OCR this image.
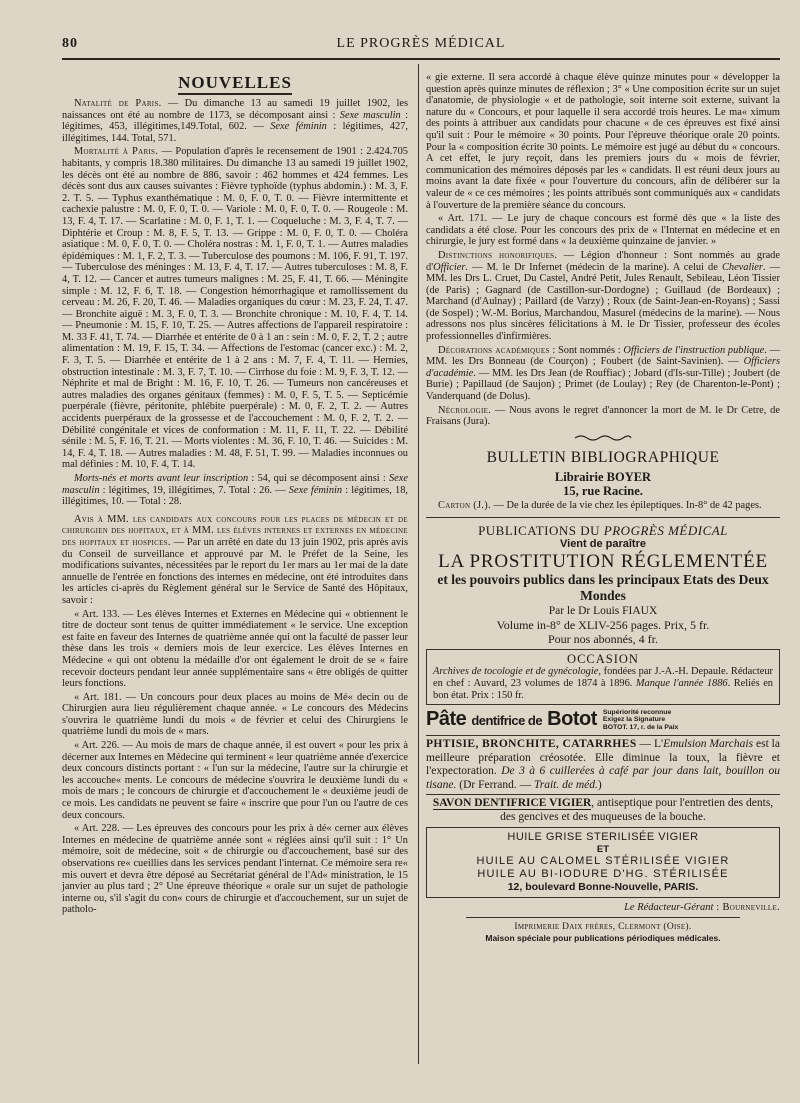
80	LE PROGRÈS MÉDICAL
NOUVELLES

Natalité de Paris. — Du dimanche 13 au samedi 19 juillet 1902, les naissances ont été au nombre de 1173, se décomposant ainsi : Sexe masculin : légitimes, 453, illégitimes,149.Total, 602. — Sexe féminin : légitimes, 427, illégitimes, 144. Total, 571.

Mortalité à Paris. — Population d'après le recensement de 1901 : 2.424.705 habitants, y compris 18.380 militaires. Du dimanche 13 au samedi 19 juillet 1902, les décès ont été au nombre de 886, savoir : 462 hommes et 424 femmes. Les décès sont dus aux causes suivantes : Fièvre typhoïde (typhus abdomin.) : M. 3, F. 2. T. 5. — Typhus exanthématique : M. 0, F. 0, T. 0. — Fièvre intermittente et cachexie palustre : M. 0, F. 0, T. 0. — Variole : M. 0, F. 0, T. 0. — Rougeole : M. 13, F. 4, T. 17. — Scarlatine : M. 0, F. 1, T. 1. — Coqueluche : M. 3, F. 4, T. 7. — Diphtérie et Croup : M. 8, F. 5, T. 13. — Grippe : M. 0, F. 0, T. 0. — Choléra asiatique : M. 0, F. 0, T. 0. — Choléra nostras : M. 1, F. 0, T. 1. — Autres maladies épidémiques : M. 1, F. 2, T. 3. — Tuberculose des poumons : M. 106, F. 91, T. 197. — Tuberculose des méninges : M. 13, F. 4, T. 17. — Autres tuberculoses : M. 8, F. 4, T. 12. — Cancer et autres tumeurs malignes : M. 25, F. 41, T. 66. — Méningite simple : M. 12, F. 6, T. 18. — Congestion hémorrhagique et ramollissement du cerveau : M. 26, F. 20, T. 46. — Maladies organiques du cœur : M. 23, F. 24, T. 47. — Bronchite aiguë : M. 3, F. 0, T. 3. — Bronchite chronique : M. 10, F. 4, T. 14. — Pneumonie : M. 15, F. 10, T. 25. — Autres affections de l'appareil respiratoire : M. 33 F. 41, T. 74. — Diarrhée et entérite de 0 à 1 an : sein : M. 0, F. 2, T. 2 ; autre alimentation : M. 19, F. 15, T. 34. — Affections de l'estomac (cancer exc.) : M. 2, F. 3, T. 5. — Diarrhée et entérite de 1 à 2 ans : M. 7, F. 4, T. 11. — Hernies, obstruction intestinale : M. 3, F. 7, T. 10. — Cirrhose du foie : M. 9, F. 3, T. 12. — Néphrite et mal de Bright : M. 16, F. 10, T. 26. — Tumeurs non cancéreuses et autres maladies des organes génitaux (femmes) : M. 0, F. 5, T. 5. — Septicémie puerpérale (fièvre, péritonite, phlébite puerpérale) : M. 0, F. 2, T. 2. — Autres accidents puerpéraux de la grossesse et de l'accouchement : M. 0, F. 2, T. 2. — Débilité congénitale et vices de conformation : M. 11, F. 11, T. 22. — Débilité sénile : M. 5, F. 16, T. 21. — Morts violentes : M. 36, F. 10, T. 46. — Suicides : M. 14, F. 4, T. 18. — Autres maladies : M. 48, F. 51, T. 99. — Maladies inconnues ou mal définies : M. 10, F. 4, T. 14.

Morts-nés et morts avant leur inscription : 54, qui se décomposent ainsi : Sexe masculin : légitimes, 19, illégitimes, 7. Total : 26. — Sexe féminin : légitimes, 18, illégitimes, 10. — Total : 28.

Avis à MM. les candidats aux concours pour les places de médecin et de chirurgien des hopitaux, et à MM. les élèves internes et externes en médecine des hopitaux et hospices. — Par un arrêté en date du 13 juin 1902, pris après avis du Conseil de surveillance et approuvé par M. le Préfet de la Seine, les modifications suivantes, nécessitées par le report du 1er mars au 1er mai de la date annuelle de l'entrée en fonctions des internes en médecine, ont été introduites dans les articles ci-après du Règlement général sur le Service de Santé des Hôpitaux, savoir :

« Art. 133. — Les élèves Internes et Externes en Médecine qui « obtiennent le titre de docteur sont tenus de quitter immédiatement « le service. Une exception est faite en faveur des Internes de quatrième année qui ont la faculté de passer leur thèse dans les trois « derniers mois de leur exercice. Les élèves Internes en Médecine « qui ont obtenu la médaille d'or ont également le droit de se « faire recevoir docteurs pendant leur année supplémentaire sans « être obligés de quitter leurs fonctions.

« Art. 181. — Un concours pour deux places au moins de Mé« decin ou de Chirurgien aura lieu régulièrement chaque année. « Le concours des Médecins s'ouvrira le quatrième lundi du mois « de février et celui des Chirurgiens le quatrième lundi du mois de « mars.

« Art. 226. — Au mois de mars de chaque année, il est ouvert « pour les prix à décerner aux Internes en Médecine qui terminent « leur quatrième année d'exercice deux concours distincts portant : « l'un sur la médecine, l'autre sur la chirurgie et les accouche« ments. Le concours de médecine s'ouvrira le deuxième lundi du « mois de mars ; le concours de chirurgie et d'accouchement le « deuxième jeudi de ce mois. Les candidats ne peuvent se faire « inscrire que pour l'un ou l'autre de ces deux concours.

« Art. 228. — Les épreuves des concours pour les prix à dé« cerner aux élèves Internes en médecine de quatrième année sont « réglées ainsi qu'il suit : 1° Un mémoire, soit de médecine, soit « de chirurgie ou d'accouchement, basé sur des observations re« cueillies dans les services pendant l'internat. Ce mémoire sera re« mis ouvert et devra être déposé au Secrétariat général de l'Ad« ministration, le 15 janvier au plus tard ; 2° Une épreuve théorique « orale sur un sujet de pathologie interne ou, s'il s'agit du con« cours de chirurgie et d'accouchement, sur un sujet de patholo-

« gie externe. Il sera accordé à chaque élève quinze minutes pour « développer la question après quinze minutes de réflexion ; 3° « Une composition écrite sur un sujet d'anatomie, de physiologie « et de pathologie, soit interne soit externe, suivant la nature du « Concours, et pour laquelle il sera accordé trois heures. Le ma« ximum des points à attribuer aux candidats pour chacune « de ces épreuves est fixé ainsi qu'il suit : Pour le mémoire « 30 points. Pour l'épreuve théorique orale 20 points. Pour la « composition écrite 30 points. Le mémoire est jugé au début du « concours. A cet effet, le jury reçoit, dans les premiers jours du « mois de février, communication des mémoires déposés par les « candidats. Il est réuni deux jours au moins avant la date fixée « pour l'ouverture du concours, afin de délibérer sur la valeur de « ce ces mémoires ; les points attribués sont communiqués aux « candidats à l'ouverture de la première séance du concours.

« Art. 171. — Le jury de chaque concours est formé dès que « la liste des candidats a été close. Pour les concours des prix de « l'Internat en médecine et en chirurgie, le jury est formé dans « la deuxième quinzaine de janvier. »

Distinctions honorifiques. — Légion d'honneur : Sont nommés au grade d'Officier. — M. le Dr Infernet (médecin de la marine). A celui de Chevalier. — MM. les Drs L. Cruet, Du Castel, André Petit, Jules Renault, Sebileau, Léon Tissier (de Paris) ; Gagnard (de Castillon-sur-Dordogne) ; Guillaud (de Bordeaux) ; Marchand (d'Aulnay) ; Paillard (de Varzy) ; Roux (de Saint-Jean-en-Royans) ; Sassi (de Sospel) ; W.-M. Borius, Marchandou, Masurel (médecins de la marine). — Nous adressons nos plus sincères félicitations à M. le Dr Tissier, professeur des écoles professionnelles d'infirmières.

Décorations académiques : Sont nommés : Officiers de l'instruction publique. — MM. les Drs Bonneau (de Courçon) ; Foubert (de Saint-Savinien). — Officiers d'académie. — MM. les Drs Jean (de Rouffiac) ; Jobard (d'Is-sur-Tille) ; Joubert (de Burie) ; Papillaud (de Saujon) ; Primet (de Loulay) ; Rey (de Charenton-le-Pont) ; Vanderquand (de Dolus).

Nécrologie. — Nous avons le regret d'annoncer la mort de M. le Dr Cetre, de Fraisans (Jura).

BULLETIN BIBLIOGRAPHIQUE
Librairie BOYER
15, rue Racine.

Carton (J.). — De la durée de la vie chez les épileptiques. In-8° de 42 pages.

PUBLICATIONS DU PROGRÈS MÉDICAL
Vient de paraître
LA PROSTITUTION RÉGLEMENTÉE
et les pouvoirs publics dans les principaux Etats des Deux Mondes
Par le Dr Louis FIAUX
Volume in-8° de XLIV-256 pages. Prix, 5 fr.
Pour nos abonnés, 4 fr.
OCCASION
Archives de tocologie et de gynécologie, fondées par J.-A.-H. Depaule. Rédacteur en chef : Auvard, 23 volumes de 1874 à 1896. Manque l'année 1886. Reliés en bon état. Prix : 150 fr.
Pâte dentifrice de Botot Supériorité reconnue
Exigez la Signature
BOTOT. 17, r. de la Paix
PHTISIE, BRONCHITE, CATARRHES — L'Emulsion Marchais est la meilleure préparation créosotée. Elle diminue la toux, la fièvre et l'expectoration. De 3 à 6 cuillerées à café par jour dans lait, bouillon ou tisane. (Dr Ferrand. — Trait. de méd.)
SAVON DENTIFRICE VIGIER, antiseptique pour l'entretien des dents, des gencives et des muqueuses de la bouche.
HUILE GRISE STERILISÉE VIGIER
ET
HUILE AU CALOMEL STÉRILISÉE VIGIER
HUILE AU BI-IODURE D'HG. STÉRILISÉE
12, boulevard Bonne-Nouvelle, PARIS.
Le Rédacteur-Gérant : Bourneville.
Imprimerie Daix frères, Clermont (Oise).
Maison spéciale pour publications périodiques médicales.
